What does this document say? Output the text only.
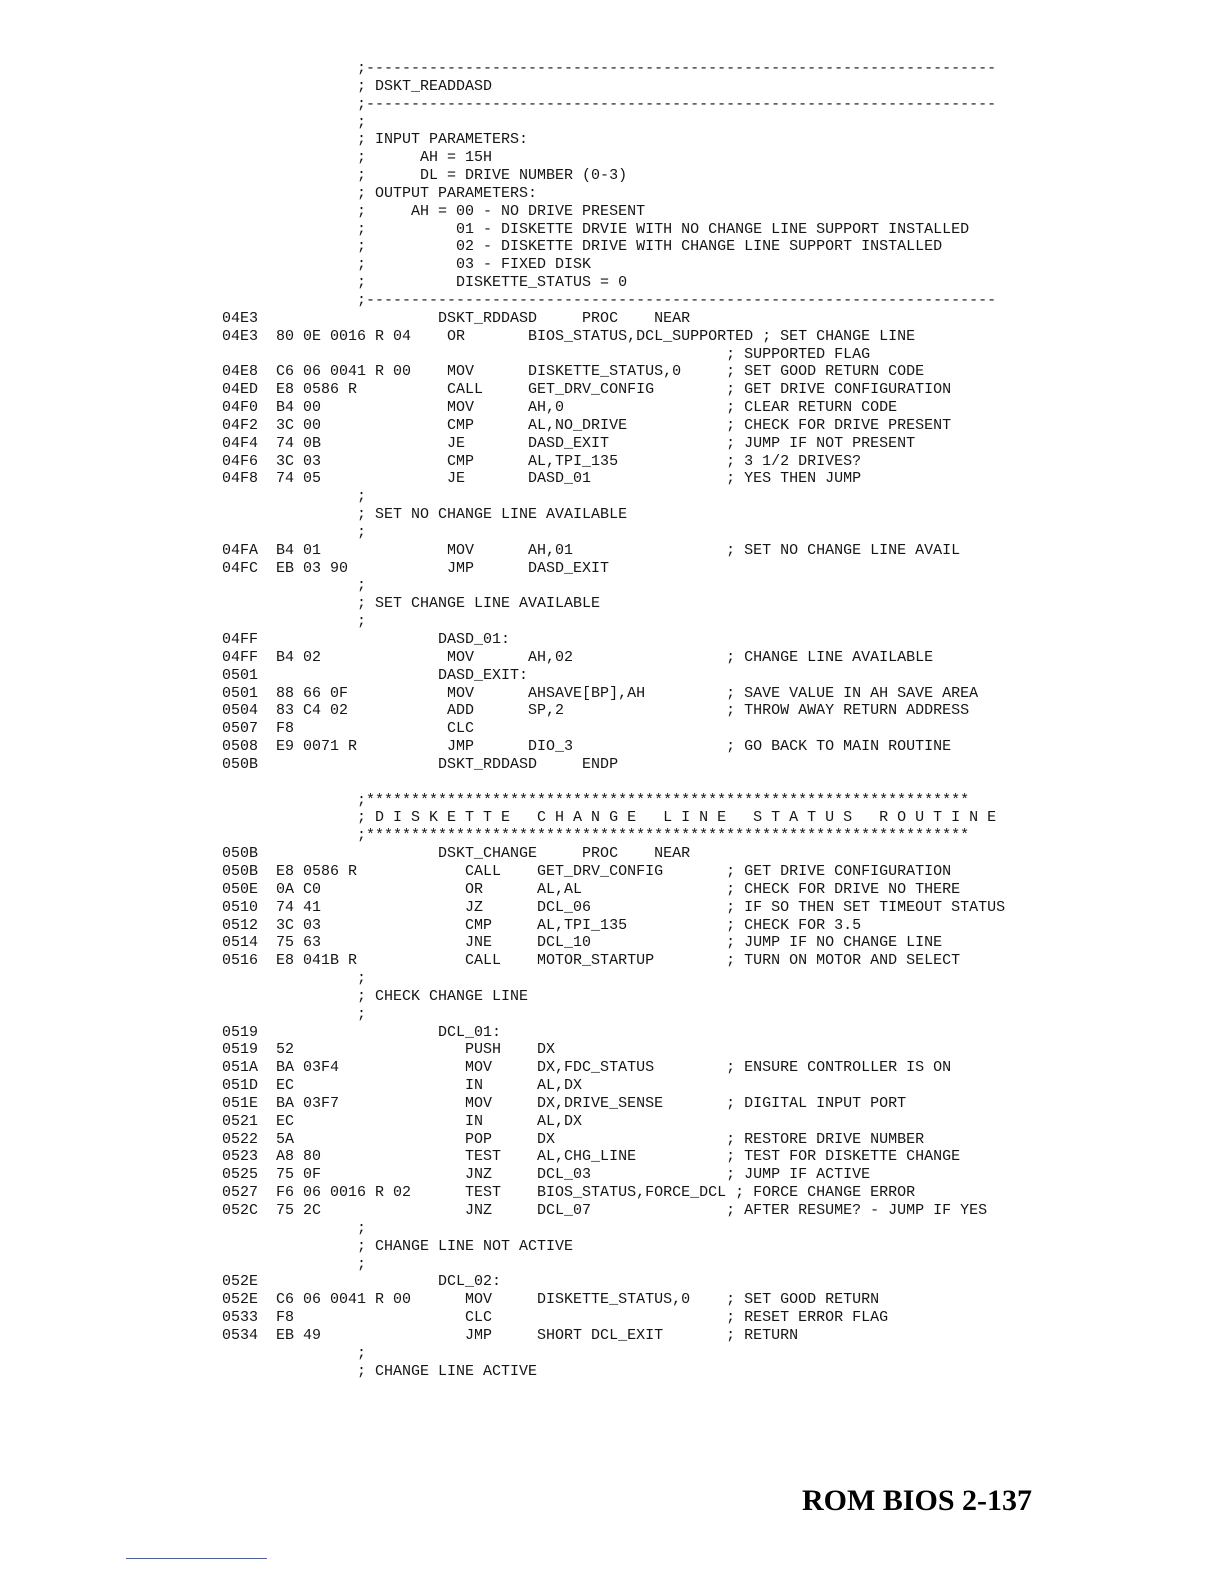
;----------------------------------------------------------------------
; DSKT_READDASD
;----------------------------------------------------------------------
;
; INPUT PARAMETERS:
;      AH = 15H
;      DL = DRIVE NUMBER (0-3)
; OUTPUT PARAMETERS:
;     AH = 00 - NO DRIVE PRESENT
;          01 - DISKETTE DRVIE WITH NO CHANGE LINE SUPPORT INSTALLED
;          02 - DISKETTE DRIVE WITH CHANGE LINE SUPPORT INSTALLED
;          03 - FIXED DISK
;          DISKETTE_STATUS = 0
;----------------------------------------------------------------------
04E3                    DSKT_RDDASD     PROC    NEAR
04E3  80 0E 0016 R 04    OR       BIOS_STATUS,DCL_SUPPORTED ; SET CHANGE LINE
; SUPPORTED FLAG
04E8  C6 06 0041 R 00    MOV      DISKETTE_STATUS,0     ; SET GOOD RETURN CODE
04ED  E8 0586 R          CALL     GET_DRV_CONFIG        ; GET DRIVE CONFIGURATION
04F0  B4 00              MOV      AH,0                  ; CLEAR RETURN CODE
04F2  3C 00              CMP      AL,NO_DRIVE           ; CHECK FOR DRIVE PRESENT
04F4  74 0B              JE       DASD_EXIT             ; JUMP IF NOT PRESENT
04F6  3C 03              CMP      AL,TPI_135            ; 3 1/2 DRIVES?
04F8  74 05              JE       DASD_01               ; YES THEN JUMP
;
; SET NO CHANGE LINE AVAILABLE
;
04FA  B4 01              MOV      AH,01                 ; SET NO CHANGE LINE AVAIL
04FC  EB 03 90           JMP      DASD_EXIT
;
; SET CHANGE LINE AVAILABLE
;
04FF                    DASD_01:
04FF  B4 02              MOV      AH,02                 ; CHANGE LINE AVAILABLE
0501                    DASD_EXIT:
0501  88 66 0F           MOV      AHSAVE[BP],AH         ; SAVE VALUE IN AH SAVE AREA
0504  83 C4 02           ADD      SP,2                  ; THROW AWAY RETURN ADDRESS
0507  F8                 CLC
0508  E9 0071 R          JMP      DIO_3                 ; GO BACK TO MAIN ROUTINE
050B                    DSKT_RDDASD     ENDP

;*******************************************************************
; D I S K E T T E   C H A N G E   L I N E   S T A T U S   R O U T I N E
;*******************************************************************
050B                    DSKT_CHANGE     PROC    NEAR
050B  E8 0586 R            CALL    GET_DRV_CONFIG       ; GET DRIVE CONFIGURATION
050E  0A C0                OR      AL,AL                ; CHECK FOR DRIVE NO THERE
0510  74 41                JZ      DCL_06               ; IF SO THEN SET TIMEOUT STATUS
0512  3C 03                CMP     AL,TPI_135           ; CHECK FOR 3.5
0514  75 63                JNE     DCL_10               ; JUMP IF NO CHANGE LINE
0516  E8 041B R            CALL    MOTOR_STARTUP        ; TURN ON MOTOR AND SELECT
;
; CHECK CHANGE LINE
;
0519                    DCL_01:
0519  52                   PUSH    DX
051A  BA 03F4              MOV     DX,FDC_STATUS        ; ENSURE CONTROLLER IS ON
051D  EC                   IN      AL,DX
051E  BA 03F7              MOV     DX,DRIVE_SENSE       ; DIGITAL INPUT PORT
0521  EC                   IN      AL,DX
0522  5A                   POP     DX                   ; RESTORE DRIVE NUMBER
0523  A8 80                TEST    AL,CHG_LINE          ; TEST FOR DISKETTE CHANGE
0525  75 0F                JNZ     DCL_03               ; JUMP IF ACTIVE
0527  F6 06 0016 R 02      TEST    BIOS_STATUS,FORCE_DCL ; FORCE CHANGE ERROR
052C  75 2C                JNZ     DCL_07               ; AFTER RESUME? - JUMP IF YES
;
; CHANGE LINE NOT ACTIVE
;
052E                    DCL_02:
052E  C6 06 0041 R 00      MOV     DISKETTE_STATUS,0    ; SET GOOD RETURN
0533  F8                   CLC                          ; RESET ERROR FLAG
0534  EB 49                JMP     SHORT DCL_EXIT       ; RETURN
;
; CHANGE LINE ACTIVE
ROM BIOS 2-137
